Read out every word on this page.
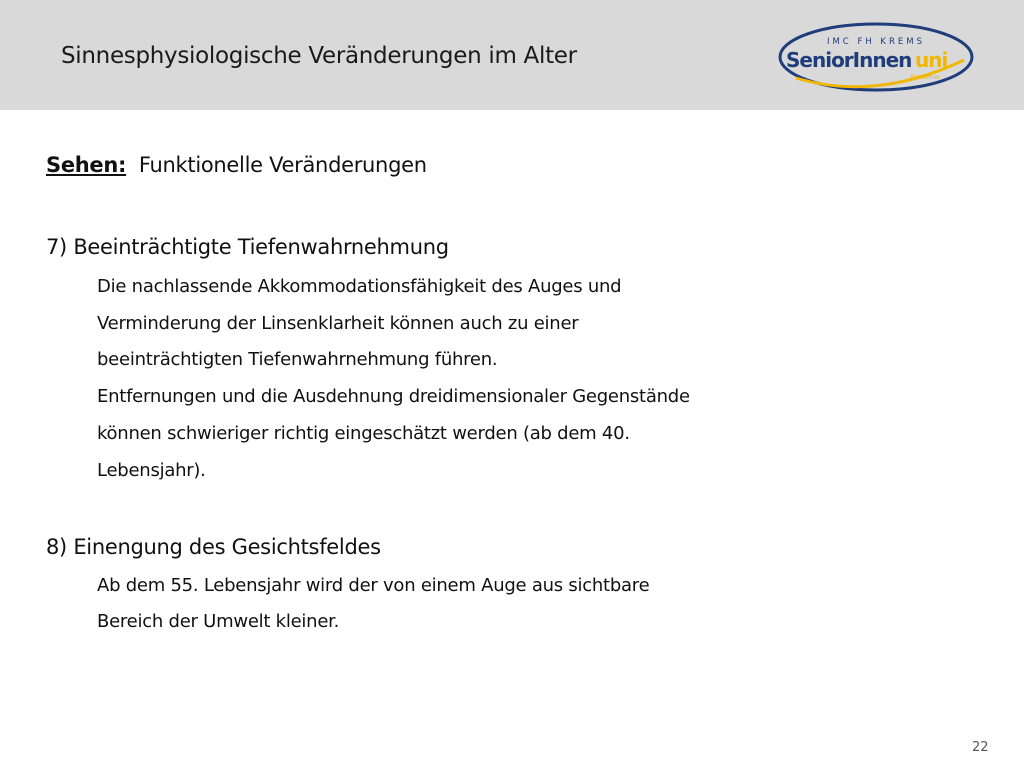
Sinnesphysiologische Veränderungen im Alter
IMC FH KREMS
SeniorInnen uni
Akademie
Sehen: Funktionelle Veränderungen
7) Beeinträchtigte Tiefenwahrnehmung
Die nachlassende Akkommodationsfähigkeit des Auges und
Verminderung der Linsenklarheit können auch zu einer
beeinträchtigten Tiefenwahrnehmung führen.
Entfernungen und die Ausdehnung dreidimensionaler Gegenstände
können schwieriger richtig eingeschätzt werden (ab dem 40.
Lebensjahr).
8) Einengung des Gesichtsfeldes
Ab dem 55. Lebensjahr wird der von einem Auge aus sichtbare
Bereich der Umwelt kleiner.
22
